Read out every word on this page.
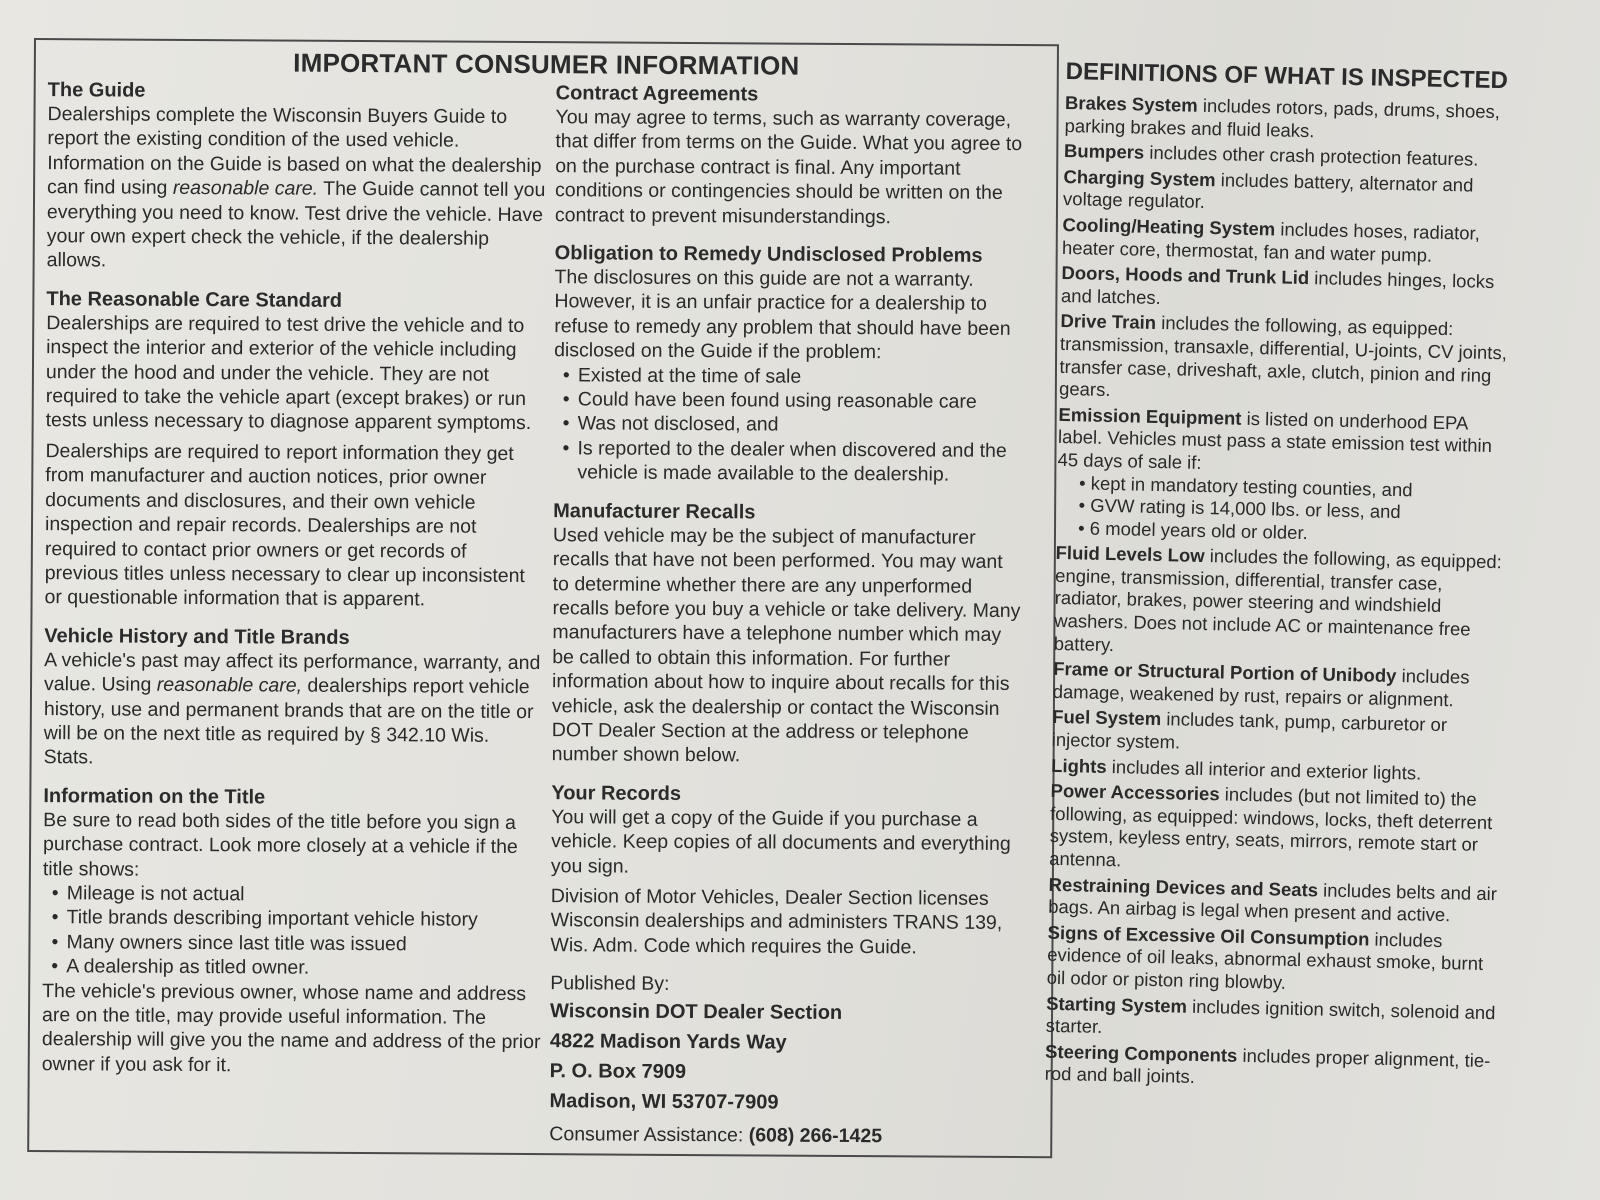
IMPORTANT CONSUMER INFORMATION
The Guide

Dealerships complete the Wisconsin Buyers Guide to report the existing condition of the used vehicle. Information on the Guide is based on what the dealership can find using reasonable care. The Guide cannot tell you everything you need to know. Test drive the vehicle. Have your own expert check the vehicle, if the dealership allows.

The Reasonable Care Standard

Dealerships are required to test drive the vehicle and to inspect the interior and exterior of the vehicle including under the hood and under the vehicle. They are not required to take the vehicle apart (except brakes) or run tests unless necessary to diagnose apparent symptoms.

Dealerships are required to report information they get from manufacturer and auction notices, prior owner documents and disclosures, and their own vehicle inspection and repair records. Dealerships are not required to contact prior owners or get records of previous titles unless necessary to clear up inconsistent or questionable information that is apparent.

Vehicle History and Title Brands

A vehicle's past may affect its performance, warranty, and value. Using reasonable care, dealerships report vehicle history, use and permanent brands that are on the title or will be on the next title as required by § 342.10 Wis. Stats.

Information on the Title

Be sure to read both sides of the title before you sign a purchase contract. Look more closely at a vehicle if the title shows:

• Mileage is not actual
• Title brands describing important vehicle history
• Many owners since last title was issued
• A dealership as titled owner.

The vehicle's previous owner, whose name and address are on the title, may provide useful information. The dealership will give you the name and address of the prior owner if you ask for it.

Contract Agreements

You may agree to terms, such as warranty coverage, that differ from terms on the Guide. What you agree to on the purchase contract is final. Any important conditions or contingencies should be written on the contract to prevent misunderstandings.

Obligation to Remedy Undisclosed Problems

The disclosures on this guide are not a warranty. However, it is an unfair practice for a dealership to refuse to remedy any problem that should have been disclosed on the Guide if the problem:

• Existed at the time of sale
• Could have been found using reasonable care
• Was not disclosed, and
• Is reported to the dealer when discovered and the vehicle is made available to the dealership.
Manufacturer Recalls

Used vehicle may be the subject of manufacturer recalls that have not been performed. You may want to determine whether there are any unperformed recalls before you buy a vehicle or take delivery. Many manufacturers have a telephone number which may be called to obtain this information. For further information about how to inquire about recalls for this vehicle, ask the dealership or contact the Wisconsin DOT Dealer Section at the address or telephone number shown below.

Your Records

You will get a copy of the Guide if you purchase a vehicle. Keep copies of all documents and everything you sign.

Division of Motor Vehicles, Dealer Section licenses Wisconsin dealerships and administers TRANS 139, Wis. Adm. Code which requires the Guide.

Published By:

Wisconsin DOT Dealer Section
4822 Madison Yards Way
P. O. Box 7909
Madison, WI 53707-7909

Consumer Assistance: (608) 266-1425

DEFINITIONS OF WHAT IS INSPECTED
Brakes System includes rotors, pads, drums, shoes, parking brakes and fluid leaks.
Bumpers includes other crash protection features.
Charging System includes battery, alternator and voltage regulator.
Cooling/Heating System includes hoses, radiator, heater core, thermostat, fan and water pump.
Doors, Hoods and Trunk Lid includes hinges, locks and latches.
Drive Train includes the following, as equipped: transmission, transaxle, differential, U-joints, CV joints, transfer case, driveshaft, axle, clutch, pinion and ring gears.
Emission Equipment is listed on underhood EPA label. Vehicles must pass a state emission test within 45 days of sale if:
• kept in mandatory testing counties, and
• GVW rating is 14,000 lbs. or less, and
• 6 model years old or older.
Fluid Levels Low includes the following, as equipped: engine, transmission, differential, transfer case, radiator, brakes, power steering and windshield washers. Does not include AC or maintenance free battery.
Frame or Structural Portion of Unibody includes damage, weakened by rust, repairs or alignment.
Fuel System includes tank, pump, carburetor or injector system.
Lights includes all interior and exterior lights.
Power Accessories includes (but not limited to) the following, as equipped: windows, locks, theft deterrent system, keyless entry, seats, mirrors, remote start or antenna.
Restraining Devices and Seats includes belts and air bags. An airbag is legal when present and active.
Signs of Excessive Oil Consumption includes evidence of oil leaks, abnormal exhaust smoke, burnt oil odor or piston ring blowby.
Starting System includes ignition switch, solenoid and starter.
Steering Components includes proper alignment, tie-rod and ball joints.
